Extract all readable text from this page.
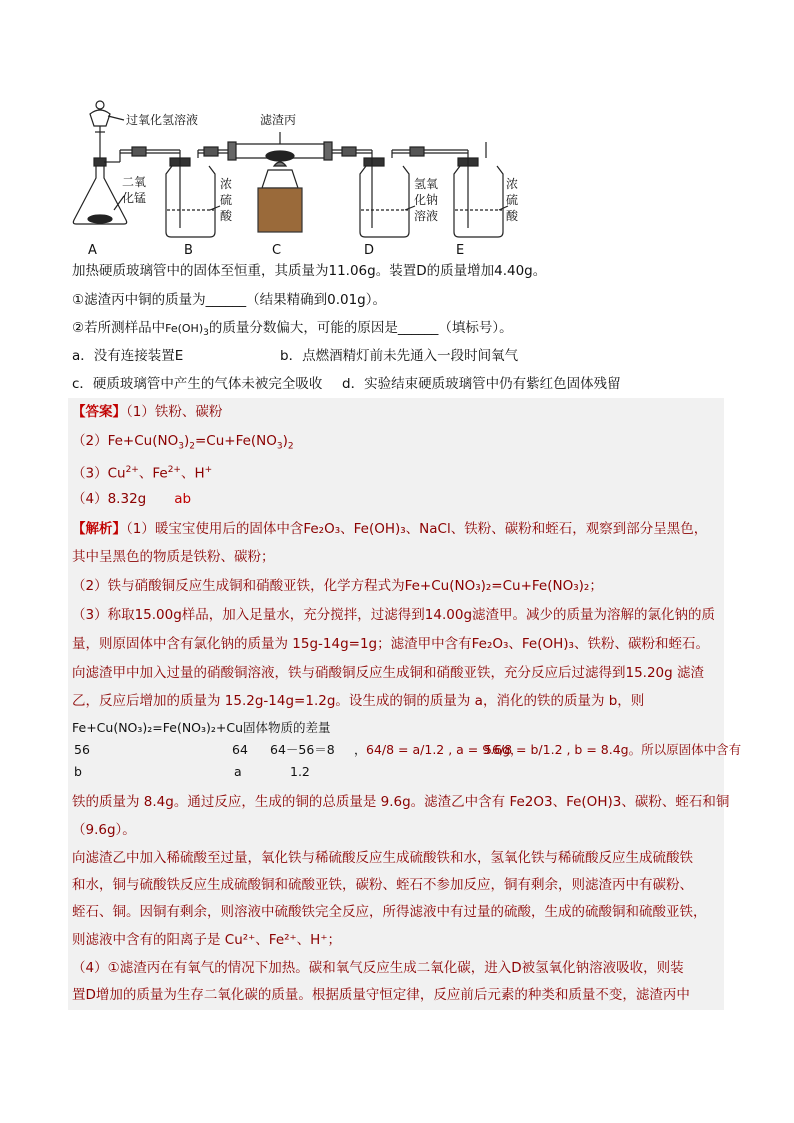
过氧化氢溶液	滤渣丙
二氧化锰
浓硫酸
氢氧化钠溶液
浓硫酸
A	B	C	D	E
加热硬质玻璃管中的固体至恒重，其质量为11.06g。装置D的质量增加4.40g。
①滤渣丙中铜的质量为______（结果精确到0.01g）。
②若所测样品中$Fe(OH)_3$的质量分数偏大，可能的原因是______（填标号）。
a．没有连接装置E	b．点燃酒精灯前未先通入一段时间氧气
c．硬质玻璃管中产生的气体未被完全吸收 d．实验结束硬质玻璃管中仍有紫红色固体残留
【答案】（1）铁粉、碳粉
$(2)Fe+Cu(NO_3)_2=Cu+Fe(NO_3)_2$
$(3)Cu^{2+}$、$Fe^{2+}$、H+
（4）8.32g ab
【解析】（1）暖宝宝使用后的固体中含Fe₂O₃、Fe(OH)₃、NaCl、铁粉、碳粉和蛭石，观察到部分呈黑色，
其中呈黑色的物质是铁粉、碳粉；
（2）铁与硝酸铜反应生成铜和硝酸亚铁，化学方程式为Fe+Cu(NO₃)₂=Cu+Fe(NO₃)₂；
（3）称取15.00g样品，加入足量水，充分搅拌，过滤得到14.00g滤渣甲。减少的质量为溶解的氯化钠的质
量，则原固体中含有氯化钠的质量为 15g-14g=1g；滤渣甲中含有Fe₂O₃、Fe(OH)₃、铁粉、碳粉和蛭石。
向滤渣甲中加入过量的硝酸铜溶液，铁与硝酸铜反应生成铜和硝酸亚铁，充分反应后过滤得到15.20g 滤渣
乙，反应后增加的质量为 15.2g-14g=1.2g。设生成的铜的质量为 a，消化的铁的质量为 b，则
Fe+Cu(NO₃)₂=Fe(NO₃)₂+Cu固体物质的差量
56	64 64－56＝8 ， 64/8 = a/1.2 , a = 9.6g，
56/8 = b/1.2 , b = 8.4g。所以原固体中含有
b	a	1.2
铁的质量为 8.4g。通过反应，生成的铜的总质量是 9.6g。滤渣乙中含有 Fe2O3、Fe(OH)3、碳粉、蛭石和铜
（9.6g）。
向滤渣乙中加入稀硫酸至过量，氧化铁与稀硫酸反应生成硫酸铁和水，氢氧化铁与稀硫酸反应生成硫酸铁
和水，铜与硫酸铁反应生成硫酸铜和硫酸亚铁，碳粉、蛭石不参加反应，铜有剩余，则滤渣丙中有碳粉、
蛭石、铜。因铜有剩余，则溶液中硫酸铁完全反应，所得滤液中有过量的硫酸，生成的硫酸铜和硫酸亚铁，
则滤液中含有的阳离子是 Cu²⁺、Fe²⁺、H⁺；
（4）①滤渣丙在有氧气的情况下加热。碳和氧气反应生成二氧化碳，进入D被氢氧化钠溶液吸收，则装
置D增加的质量为生存二氧化碳的质量。根据质量守恒定律，反应前后元素的种类和质量不变，滤渣丙中
